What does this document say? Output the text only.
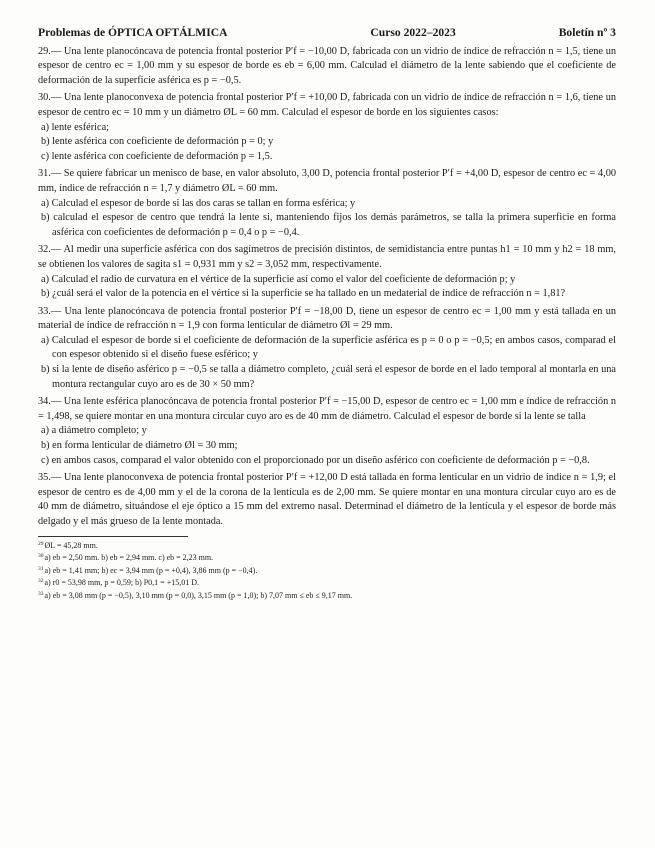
Problemas de ÓPTICA OFTÁLMICA	Curso 2022–2023	Boletín nº 3

29.— Una lente planocóncava de potencia frontal posterior P′f = −10,00 D, fabricada con un vidrio de índice de refracción n = 1,5, tiene un espesor de centro ec = 1,00 mm y su espesor de borde es eb = 6,00 mm. Calculad el diámetro de la lente sabiendo que el coeficiente de deformación de la superficie asférica es p = −0,5.

30.— Una lente planoconvexa de potencia frontal posterior P′f = +10,00 D, fabricada con un vidrio de índice de refracción n = 1,6, tiene un espesor de centro ec = 10 mm y un diámetro ØL = 60 mm. Calculad el espesor de borde en los siguientes casos:

a) lente esférica;
b) lente asférica con coeficiente de deformación p = 0; y
c) lente asférica con coeficiente de deformación p = 1,5.

31.— Se quiere fabricar un menisco de base, en valor absoluto, 3,00 D, potencia frontal posterior P′f = +4,00 D, espesor de centro ec = 4,00 mm, índice de refracción n = 1,7 y diámetro ØL = 60 mm.

a) Calculad el espesor de borde si las dos caras se tallan en forma esférica; y
b) calculad el espesor de centro que tendrá la lente si, manteniendo fijos los demás parámetros, se talla la primera superficie en forma asférica con coeficientes de deformación p = 0,4 o p = −0,4.

32.— Al medir una superficie asférica con dos sagímetros de precisión distintos, de semidistancia entre puntas h1 = 10 mm y h2 = 18 mm, se obtienen los valores de sagita s1 = 0,931 mm y s2 = 3,052 mm, respectivamente.

a) Calculad el radio de curvatura en el vértice de la superficie así como el valor del coeficiente de deformación p; y
b) ¿cuál será el valor de la potencia en el vértice si la superficie se ha tallado en un medaterial de índice de refracción n = 1,81?

33.— Una lente planocóncava de potencia frontal posterior P′f = −18,00 D, tiene un espesor de centro ec = 1,00 mm y está tallada en un material de índice de refracción n = 1,9 con forma lenticular de diámetro Øl = 29 mm.

a) Calculad el espesor de borde si el coeficiente de deformación de la superficie asférica es p = 0 o p = −0,5; en ambos casos, comparad el con espesor obtenido si el diseño fuese esférico; y
b) si la lente de diseño asférico p = −0,5 se talla a diámetro completo, ¿cuál será el espesor de borde en el lado temporal al montarla en una montura rectangular cuyo aro es de 30 × 50 mm?

34.— Una lente esférica planocóncava de potencia frontal posterior P′f = −15,00 D, espesor de centro ec = 1,00 mm e índice de refracción n = 1,498, se quiere montar en una montura circular cuyo aro es de 40 mm de diámetro. Calculad el espesor de borde si la lente se talla

a) a diámetro completo; y
b) en forma lenticular de diámetro Øl = 30 mm;
c) en ambos casos, comparad el valor obtenido con el proporcionado por un diseño asférico con coeficiente de deformación p = −0,8.

35.— Una lente planoconvexa de potencia frontal posterior P′f = +12,00 D está tallada en forma lenticular en un vidrio de índice n = 1,9; el espesor de centro es de 4,00 mm y el de la corona de la lentícula es de 2,00 mm. Se quiere montar en una montura circular cuyo aro es de 40 mm de diámetro, situándose el eje óptico a 15 mm del extremo nasal. Determinad el diámetro de la lentícula y el espesor de borde más delgado y el más grueso de la lente montada.

$^{29}$ØL = 45,28 mm.
$^{30}$a) eb = 2,50 mm. b) eb = 2,94 mm. c) eb = 2,23 mm.
$^{31}$a) eb = 1,41 mm; b) ec = 3,94 mm (p = +0,4), 3,86 mm (p = −0,4).
$^{32}$a) r0 = 53,98 mm, p = 0,59; b) P0,1 = +15,01 D.
$^{33}$a) eb = 3,08 mm (p = −0,5), 3,10 mm (p = 0,0), 3,15 mm (p = 1,0); b) 7,07 mm ≤ eb ≤ 9,17 mm.
